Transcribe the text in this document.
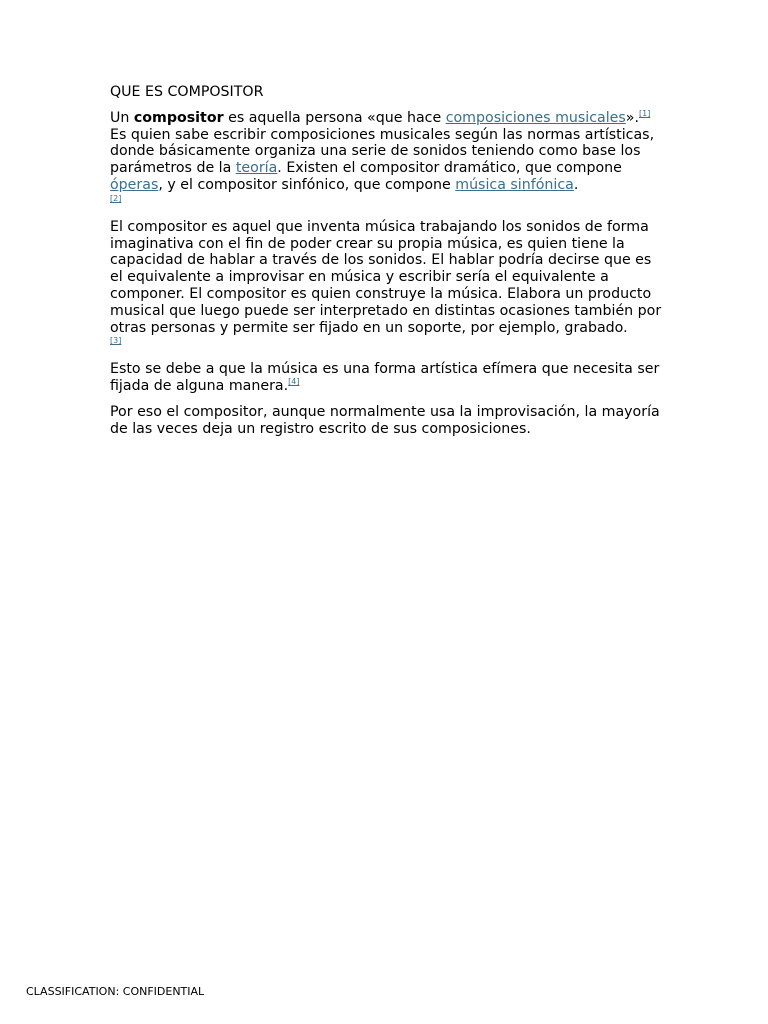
QUE ES COMPOSITOR

Un compositor es aquella persona «que hace composiciones musicales».[1] Es quien sabe escribir composiciones musicales según las normas artísticas, donde básicamente organiza una serie de sonidos teniendo como base los parámetros de la teoría. Existen el compositor dramático, que compone óperas, y el compositor sinfónico, que compone música sinfónica.

[2]

El compositor es aquel que inventa música trabajando los sonidos de forma imaginativa con el fin de poder crear su propia música, es quien tiene la capacidad de hablar a través de los sonidos. El hablar podría decirse que es el equivalente a improvisar en música y escribir sería el equivalente a componer. El compositor es quien construye la música. Elabora un producto musical que luego puede ser interpretado en distintas ocasiones también por otras personas y permite ser fijado en un soporte, por ejemplo, grabado.

[3]

Esto se debe a que la música es una forma artística efímera que necesita ser fijada de alguna manera.[4]

Por eso el compositor, aunque normalmente usa la improvisación, la mayoría de las veces deja un registro escrito de sus composiciones.

CLASSIFICATION: CONFIDENTIAL
